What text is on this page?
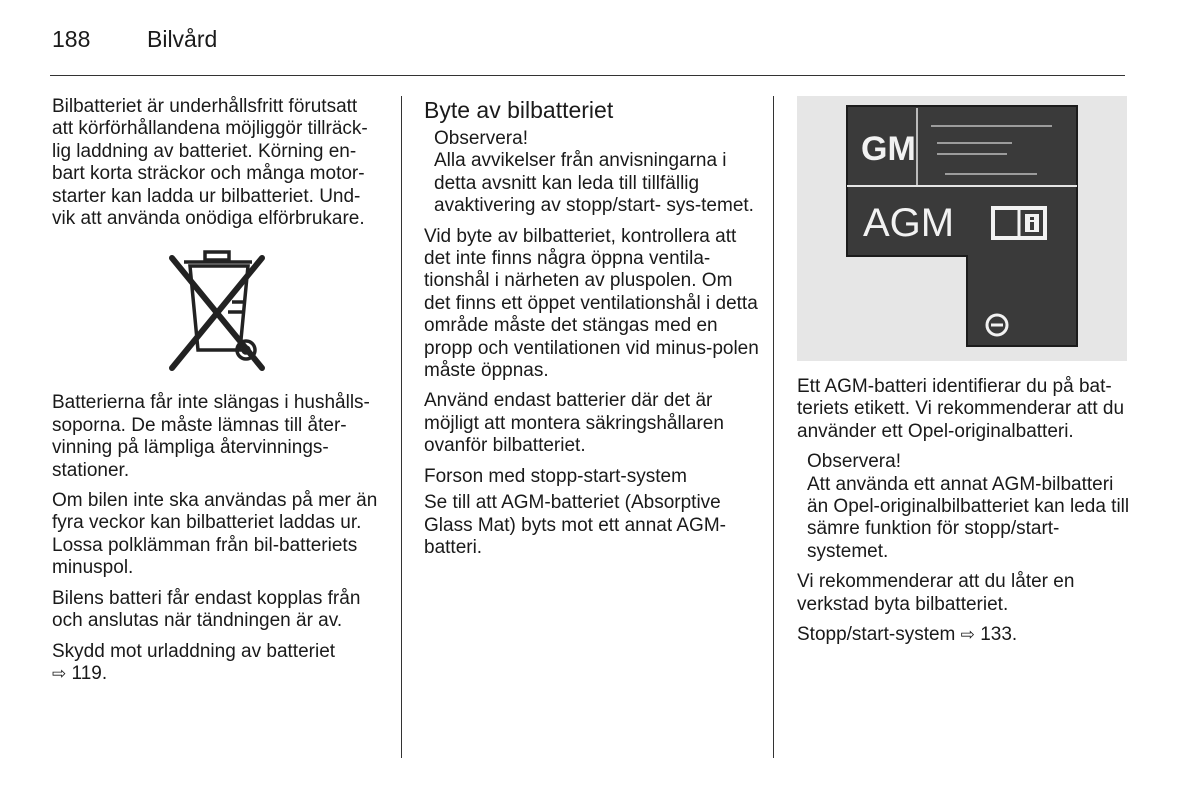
188 Bilvård

Bilbatteriet är underhållsfritt förutsatt att körförhållandena möjliggör tillräck-lig laddning av batteriet. Körning en-bart korta sträckor och många motor-starter kan ladda ur bilbatteriet. Und-vik att använda onödiga elförbrukare.

Batterierna får inte slängas i hushålls-soporna. De måste lämnas till åter-vinning på lämpliga återvinnings-stationer.

Om bilen inte ska användas på mer än fyra veckor kan bilbatteriet laddas ur. Lossa polklämman från bil-batteriets minuspol.

Bilens batteri får endast kopplas från och anslutas när tändningen är av.

Skydd mot urladdning av batteriet
⇨ 119.

Byte av bilbatteriet
Observera!
Alla avvikelser från anvisningarna i detta avsnitt kan leda till tillfällig avaktivering av stopp/start- sys-temet.

Vid byte av bilbatteriet, kontrollera att det inte finns några öppna ventila-tionshål i närheten av pluspolen. Om det finns ett öppet ventilationshål i detta område måste det stängas med en propp och ventilationen vid minus-polen måste öppnas.

Använd endast batterier där det är möjligt att montera säkringshållaren ovanför bilbatteriet.

Forson med stopp-start-system

Se till att AGM-batteriet (Absorptive Glass Mat) byts mot ett annat AGM-batteri.

GM
AGM

Ett AGM-batteri identifierar du på bat-teriets etikett. Vi rekommenderar att du använder ett Opel-originalbatteri.

Observera!
Att använda ett annat AGM-bilbatteri än Opel-originalbilbatteriet kan leda till sämre funktion för stopp/start-systemet.

Vi rekommenderar att du låter en verkstad byta bilbatteriet.

Stopp/start-system ⇨ 133.
